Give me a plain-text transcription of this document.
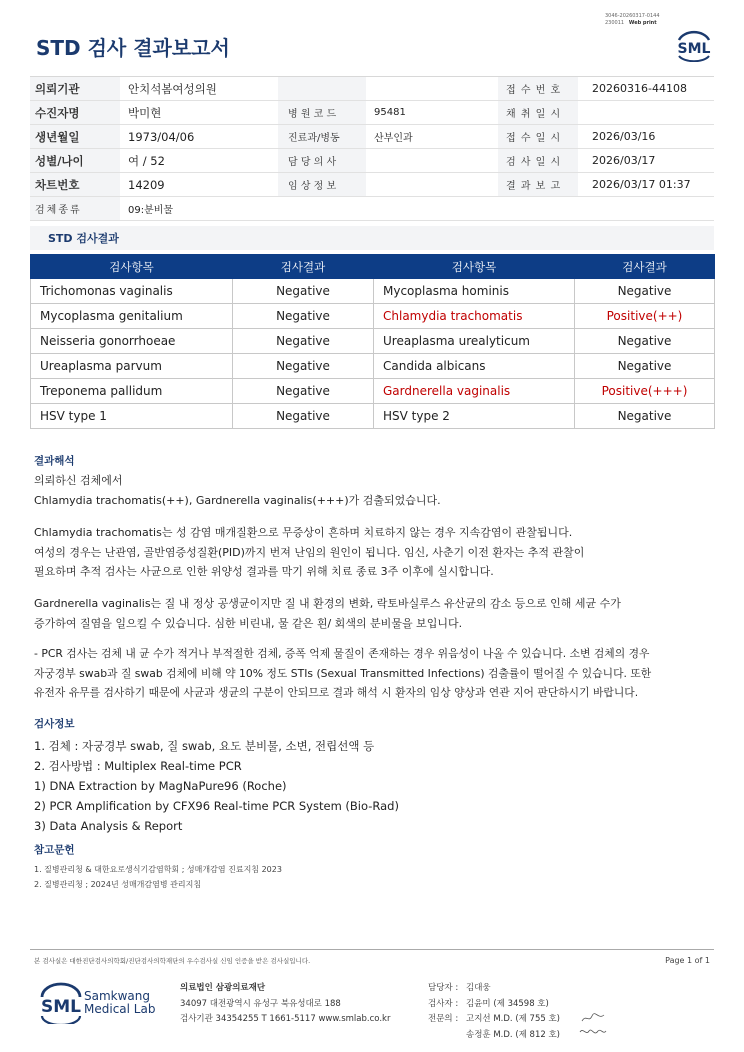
3046-20260317-0144
230011 Web print
STD 검사 결과보고서	SML
의뢰기관	안치석봄여성의원	접 수 번 호	20260316-44108
수진자명	박미현	병 원 코 드	95481	채 취 일 시
생년월일	1973/04/06	진료과/병동	산부인과	접 수 일 시	2026/03/16
성별/나이	여 / 52	담 당 의 사	검 사 일 시	2026/03/17
차트번호	14209	임 상 정 보	결 과 보 고	2026/03/17 01:37
검체종류	09:분비물
STD 검사결과
검사항목	검사결과	검사항목	검사결과
Trichomonas vaginalis	Negative	Mycoplasma hominis	Negative
Mycoplasma genitalium	Negative	Chlamydia trachomatis	Positive(++)
Neisseria gonorrhoeae	Negative	Ureaplasma urealyticum	Negative
Ureaplasma parvum	Negative	Candida albicans	Negative
Treponema pallidum	Negative	Gardnerella vaginalis	Positive(+++)
HSV type 1	Negative	HSV type 2	Negative
결과해석
의뢰하신 검체에서
Chlamydia trachomatis(++), Gardnerella vaginalis(+++)가 검출되었습니다.
Chlamydia trachomatis는 성 감염 매개질환으로 무증상이 흔하며 치료하지 않는 경우 지속감염이 관찰됩니다.
여성의 경우는 난관염, 골반염증성질환(PID)까지 번져 난임의 원인이 됩니다. 임신, 사춘기 이전 환자는 추적 관찰이
필요하며 추적 검사는 사균으로 인한 위양성 결과를 막기 위해 치료 종료 3주 이후에 실시합니다.
Gardnerella vaginalis는 질 내 정상 공생균이지만 질 내 환경의 변화, 락토바실루스 유산균의 감소 등으로 인해 세균 수가
증가하여 질염을 일으킬 수 있습니다. 심한 비린내, 물 같은 흰/ 회색의 분비물을 보입니다.
- PCR 검사는 검체 내 균 수가 적거나 부적절한 검체, 증폭 억제 물질이 존재하는 경우 위음성이 나올 수 있습니다. 소변 검체의 경우
자궁경부 swab과 질 swab 검체에 비해 약 10% 정도 STIs (Sexual Transmitted Infections) 검출률이 떨어질 수 있습니다. 또한
유전자 유무를 검사하기 때문에 사균과 생균의 구분이 안되므로 결과 해석 시 환자의 임상 양상과 연관 지어 판단하시기 바랍니다.
검사정보
1. 검체 : 자궁경부 swab, 질 swab, 요도 분비물, 소변, 전립선액 등
2. 검사방법 : Multiplex Real-time PCR
1) DNA Extraction by MagNaPure96 (Roche)
2) PCR Amplification by CFX96 Real-time PCR System (Bio-Rad)
3) Data Analysis & Report
참고문헌
1. 질병관리청 & 대한요로생식기감염학회 ; 성매개감염 진료지침 2023
2. 질병관리청 ; 2024년 성매개감염병 관리지침
본 검사실은 대한진단검사의학회/진단검사의학재단의 우수검사실 신임 인증을 받은 검사실입니다.	Page 1 of 1
SML
Samkwang
Medical Lab
의료법인 삼광의료재단
34097 대전광역시 유성구 북유성대로 188
검사기관 34354255 T 1661-5117 www.smlab.co.kr
담당자 : 김대웅
검사자 : 김윤미 (제 34598 호)
전문의 : 고지선 M.D. (제 755 호)
송정훈 M.D. (제 812 호)
